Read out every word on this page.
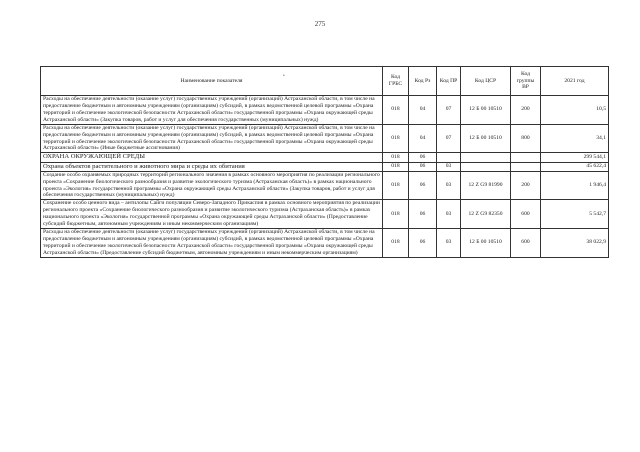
275
•
Наименование показателя	Код ГРБС	Код Рз	Код ПР	Код ЦСР	Код группы ВР	2021 год
Расходы на обеспечение деятельности (оказание услуг) государственных учреждений (организаций) Астраханской области, в том числе на предоставление бюджетным и автономным учреждениям (организациям) субсидий, в рамках ведомственной целевой программы «Охрана территорий и обеспечение экологической безопасности Астраханской области» государственной программы «Охрана окружающей среды Астраханской области» (Закупка товаров, работ и услуг для обеспечения государственных (муниципальных) нужд)	018	04	07	12 Б 00 10510	200	10,5
Расходы на обеспечение деятельности (оказание услуг) государственных учреждений (организаций) Астраханской области, в том числе на предоставление бюджетным и автономным учреждениям (организациям) субсидий, в рамках ведомственной целевой программы «Охрана территорий и обеспечение экологической безопасности Астраханской области» государственной программы «Охрана окружающей среды Астраханской области» (Иные бюджетные ассигнования)	018	04	07	12 Б 00 10510	800	34,1
ОХРАНА ОКРУЖАЮЩЕЙ СРЕДЫ	018	06				299 544,1
Охрана объектов растительного и животного мира и среды их обитания	018	06	03			45 622,4
Создание особо охраняемых природных территорий регионального значения в рамках основного мероприятия по реализации регионального проекта «Сохранение биологического разнообразия и развитие экологического туризма (Астраханская область)» в рамках национального проекта «Экология» государственной программы «Охрана окружающей среды Астраханской области» (Закупка товаров, работ и услуг для обеспечения государственных (муниципальных) нужд)	018	06	03	12 Z G9 81990	200	1 946,4
Сохранение особо ценного вида – антилопы Сайги популяции Северо-Западного Прикаспия в рамках основного мероприятия по реализации регионального проекта «Сохранение биологического разнообразия и развитие экологического туризма (Астраханская область)» в рамках национального проекта «Экология» государственной программы «Охрана окружающей среды Астраханской области» (Предоставление субсидий бюджетным, автономным учреждениям и иным некоммерческим организациям)	018	06	03	12 Z G9 82350	600	5 542,7
Расходы на обеспечение деятельности (оказание услуг) государственных учреждений (организаций) Астраханской области, в том числе на предоставление бюджетным и автономным учреждениям (организациям) субсидий, в рамках ведомственной целевой программы «Охрана территорий и обеспечение экологической безопасности Астраханской области» государственной программы «Охрана окружающей среды Астраханской области» (Предоставление субсидий бюджетным, автономным учреждениям и иным некоммерческим организациям)	018	06	03	12 Б 00 10510	600	38 022,9
